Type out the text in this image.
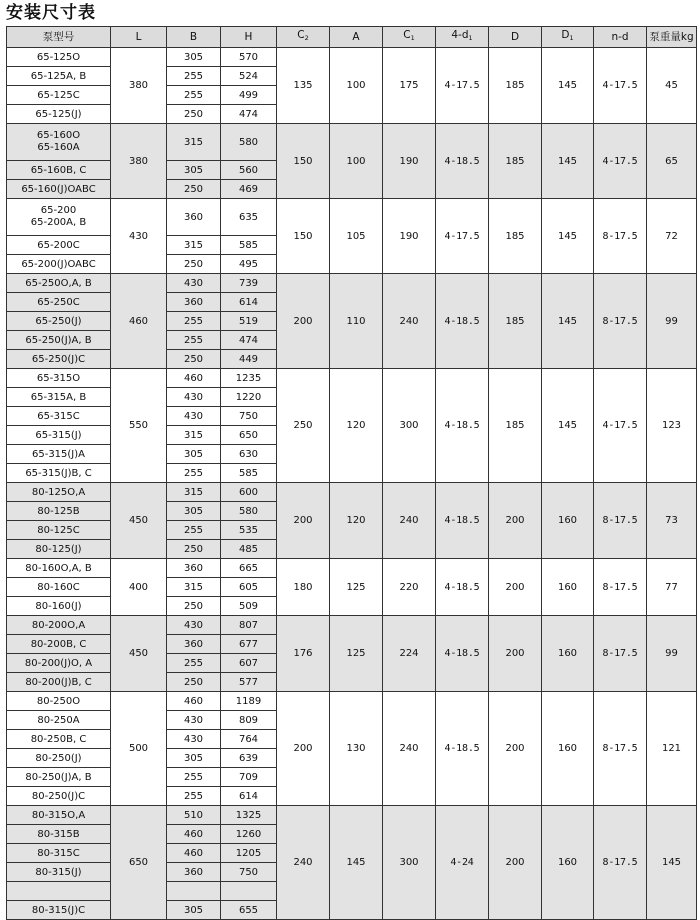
安装尺寸表
泵型号	L	B	H	$C_2$	A	$C_1$	$4-d_1$	D	$D_1$	n-d	泵重量kg
65-125O	380	305	570	135	100	175	4-17.5	185	145	4-17.5	45
65-125A, B		255	524								
65-125C		255	499								
65-125(J)		250	474								

65-160O
65-160A	380	315	580	150	100	190	4-18.5	185	145	4-17.5	65
65-160B, C		305	560								
65-160(J)OABC		250	469								

65-200
65-200A, B	430	360	635	150	105	190	4-17.5	185	145	8-17.5	72
65-200C		315	585								
65-200(J)OABC		250	495								
65-250O,A, B	460	430	739	200	110	240	4-18.5	185	145	8-17.5	99
65-250C		360	614								
65-250(J)		255	519								
65-250(J)A, B		255	474								
65-250(J)C		250	449								
65-315O	550	460	1235	250	120	300	4-18.5	185	145	4-17.5	123
65-315A, B		430	1220								
65-315C		430	750								
65-315(J)		315	650								
65-315(J)A		305	630								
65-315(J)B, C		255	585								
80-125O,A	450	315	600	200	120	240	4-18.5	200	160	8-17.5	73
80-125B		305	580								
80-125C		255	535								
80-125(J)		250	485								
80-160O,A, B	400	360	665	180	125	220	4-18.5	200	160	8-17.5	77
80-160C		315	605								
80-160(J)		250	509								
80-200O,A	450	430	807	176	125	224	4-18.5	200	160	8-17.5	99
80-200B, C		360	677								
80-200(J)O, A		255	607								
80-200(J)B, C		250	577								
80-250O	500	460	1189	200	130	240	4-18.5	200	160	8-17.5	121
80-250A		430	809								
80-250B, C		430	764								
80-250(J)		305	639								
80-250(J)A, B		255	709								
80-250(J)C		255	614								
80-315O,A	650	510	1325	240	145	300	4-24	200	160	8-17.5	145
80-315B		460	1260								
80-315C		460	1205								
80-315(J)		360	750								

80-315(J)C		305	655								
